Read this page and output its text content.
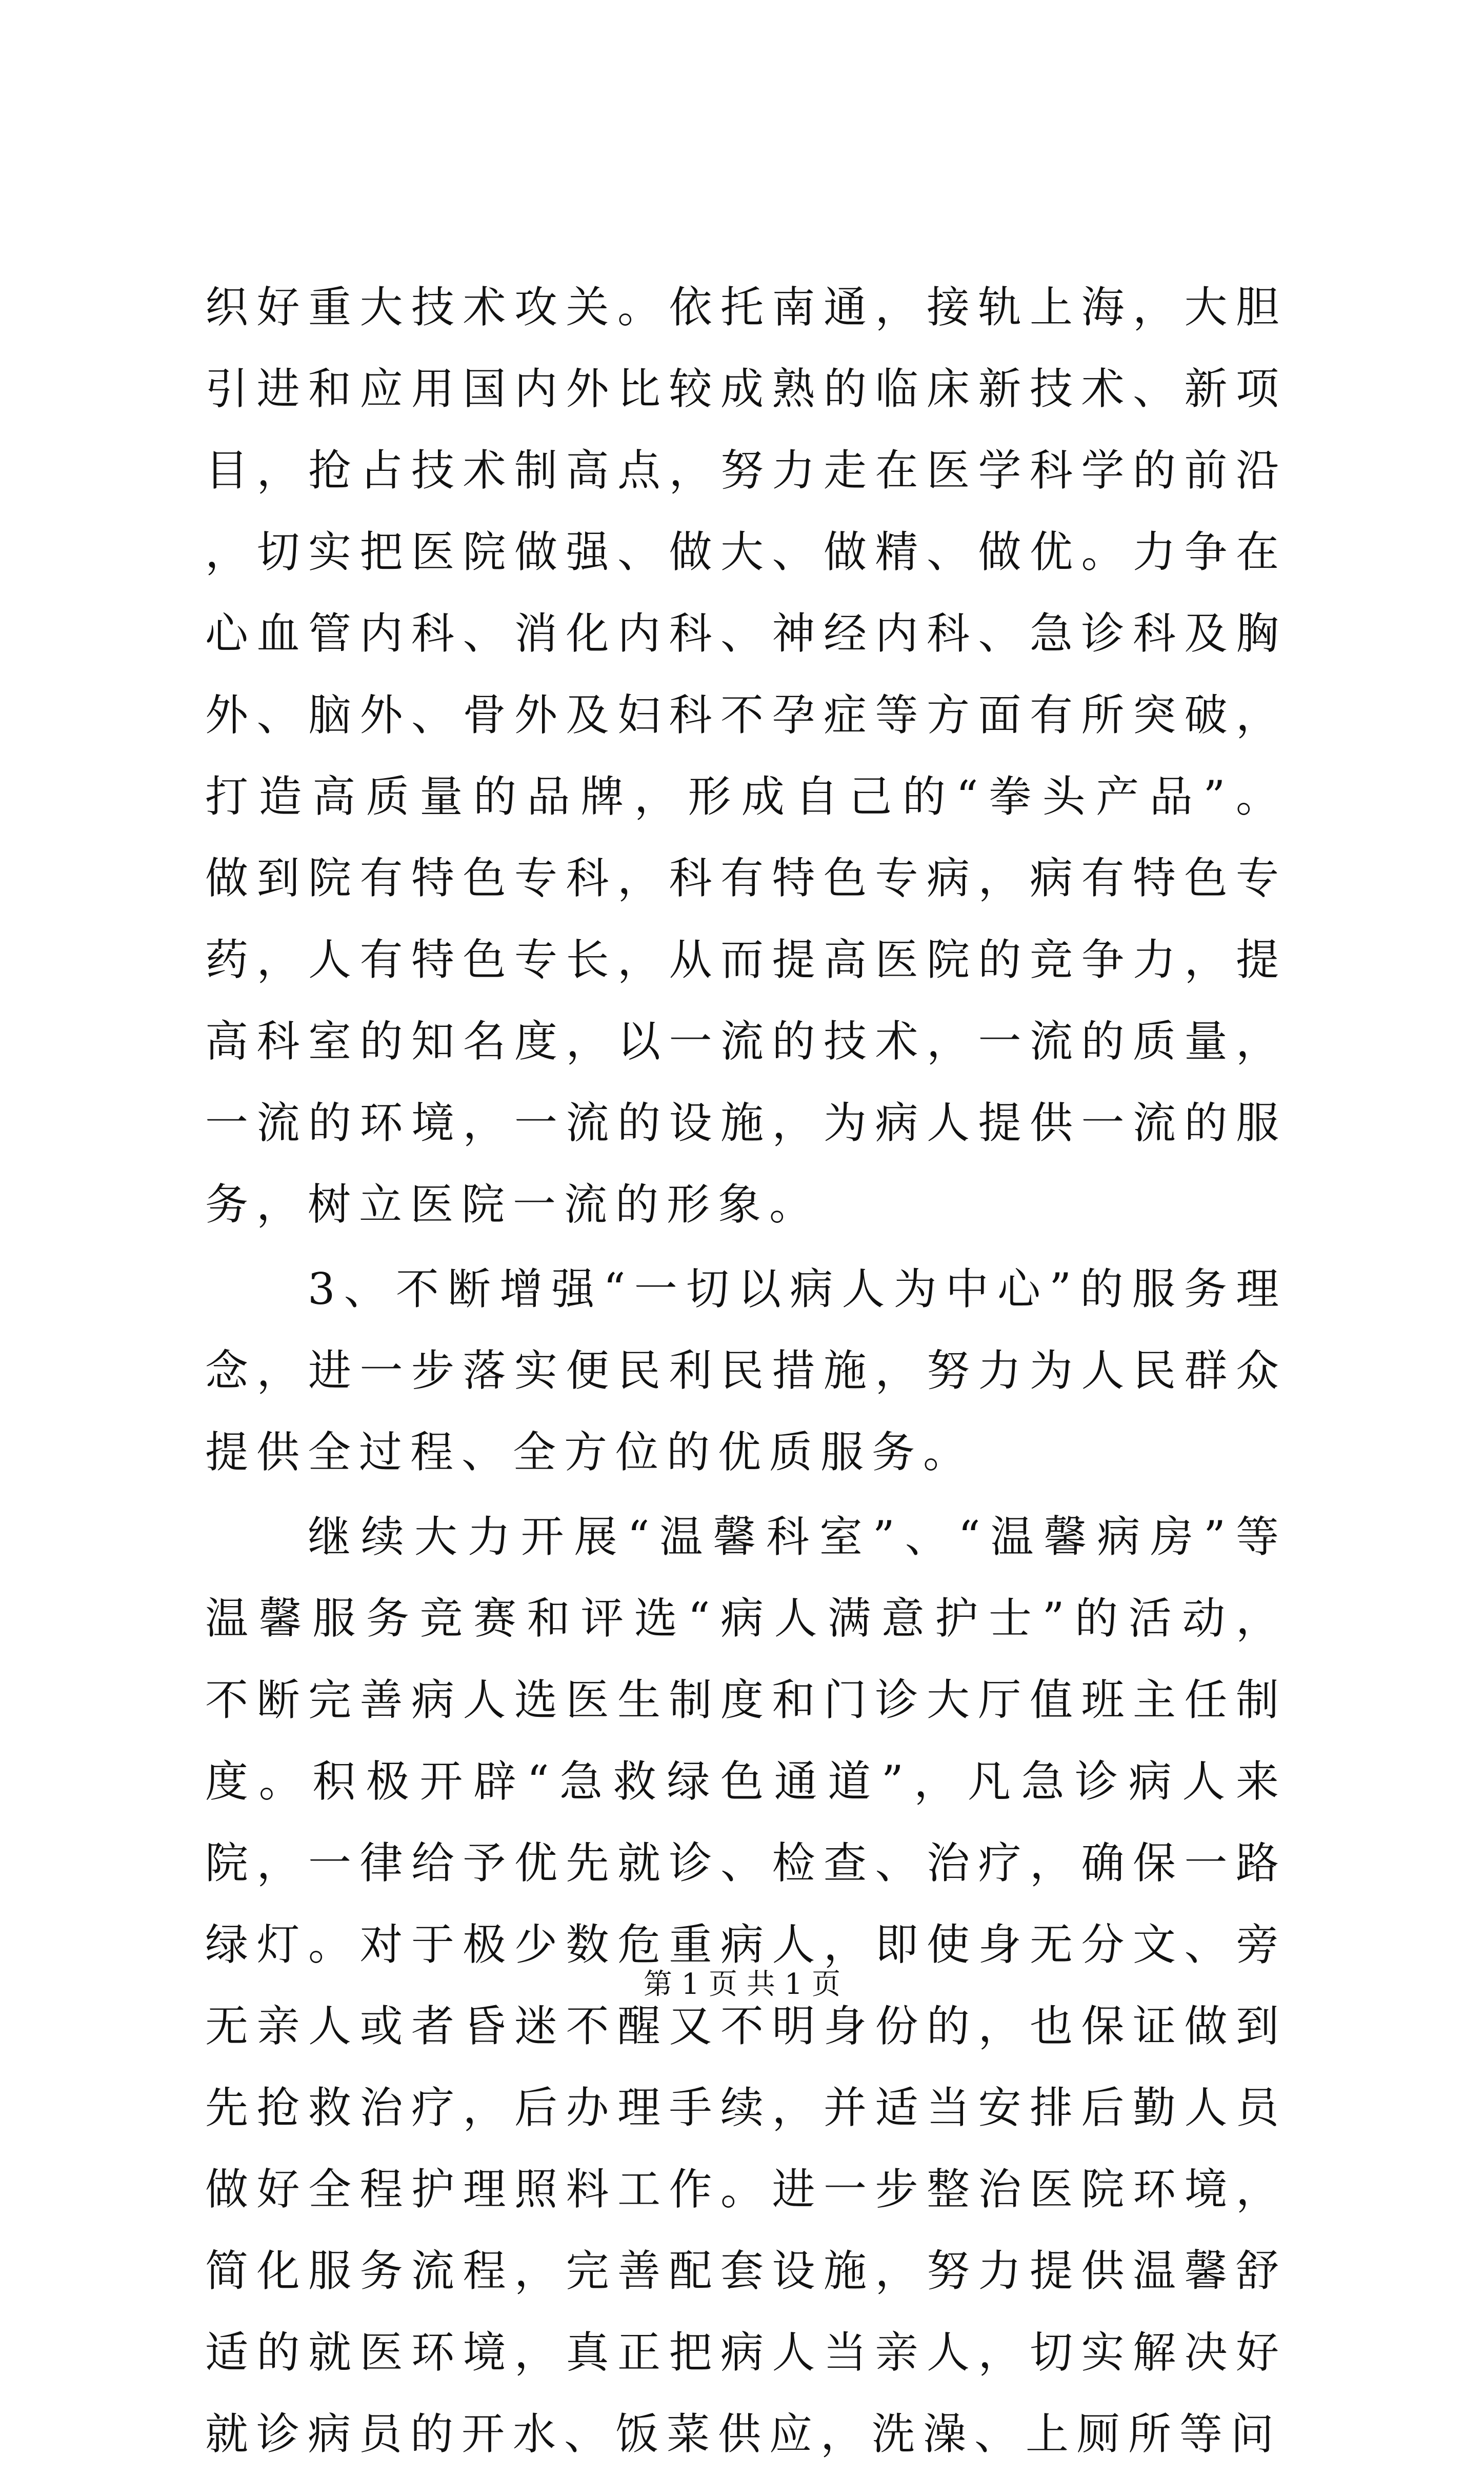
织好重大技术攻关。依托南通，接轨上海，大胆引进和应用国内外比较成熟的临床新技术、新项目，抢占技术制高点，努力走在医学科学的前沿，切实把医院做强、做大、做精、做优。力争在心血管内科、消化内科、神经内科、急诊科及胸外、脑外、骨外及妇科不孕症等方面有所突破，打造高质量的品牌，形成自己的“拳头产品”。做到院有特色专科，科有特色专病，病有特色专药，人有特色专长，从而提高医院的竞争力，提高科室的知名度，以一流的技术，一流的质量，一流的环境，一流的设施，为病人提供一流的服务，树立医院一流的形象。

3、不断增强“一切以病人为中心”的服务理念，进一步落实便民利民措施，努力为人民群众提供全过程、全方位的优质服务。

继续大力开展“温馨科室”、“温馨病房”等温馨服务竞赛和评选“病人满意护士”的活动，不断完善病人选医生制度和门诊大厅值班主任制度。积极开辟“急救绿色通道”，凡急诊病人来院，一律给予优先就诊、检查、治疗，确保一路绿灯。对于极少数危重病人，即使身无分文、旁无亲人或者昏迷不醒又不明身份的，也保证做到先抢救治疗，后办理手续，并适当安排后勤人员做好全程护理照料工作。进一步整治医院环境，简化服务流程，完善配套设施，努力提供温馨舒适的就医环境，真正把病人当亲人，切实解决好就诊病员的开水、饭菜供应，洗澡、上厕所等问

第 1 页 共 1 页
